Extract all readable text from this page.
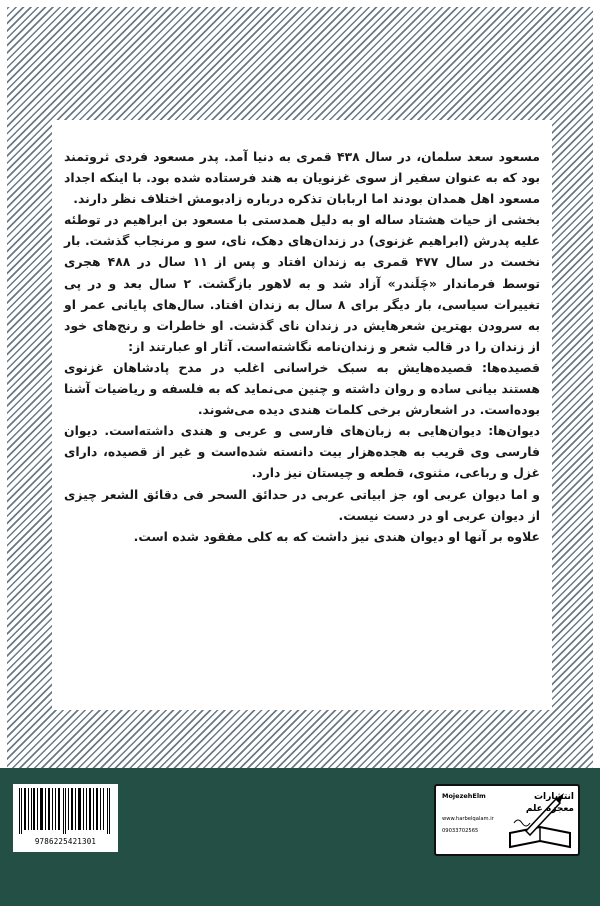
مسعود سعد سلمان، در سال ۴۳۸ قمری به دنیا آمد. پدر مسعود فردی ثروتمند بود که به عنوان سفیر از سوی غزنویان به هند فرستاده شده بود. با اینکه اجداد مسعود اهل همدان بودند اما اربابان تذکره درباره زادبومش اختلاف نظر دارند.

بخشی از حیات هشتاد ساله او به دلیل همدستی با مسعود بن ابراهیم در توطئه علیه پدرش (ابراهیم غزنوی) در زندان‌های دهک، نای، سو و مرنجاب گذشت. بار نخست در سال ۴۷۷ قمری به زندان افتاد و پس از ۱۱ سال در ۴۸۸ هجری توسط فرماندار «چَلَندر» آزاد شد و به لاهور بازگشت. ۲ سال بعد و در پی تغییرات سیاسی، بار دیگر برای ۸ سال به زندان افتاد. سال‌های پایانی عمر او به سرودن بهترین شعرهایش در زندان نای گذشت. او خاطرات و رنج‌های خود از زندان را در قالب شعر و زندان‌نامه نگاشته‌است. آثار او عبارتند از:

قصیده‌ها: قصیده‌هایش به سبک خراسانی اغلب در مدح پادشاهان غزنوی هستند بیانی ساده و روان داشته و چنین می‌نماید که به فلسفه و ریاضیات آشنا بوده‌است. در اشعارش برخی کلمات هندی دیده می‌شوند.

دیوان‌ها: دیوان‌هایی به زبان‌های فارسی و عربی و هندی داشته‌است. دیوان فارسی وی قریب به هجده‌هزار بیت دانسته شده‌است و غیر از قصیده، دارای غزل و رباعی، مثنوی، قطعه و چیستان نیز دارد.

و اما دیوان عربی او، جز ابیاتی عربی در حدائق السحر فی دقائق الشعر چیزی از دیوان عربی او در دست نیست.

علاوه بر آنها او دیوان هندی نیز داشت که به کلی مفقود شده است.

9786225421301
MojezehElm
www.harbelqalam.ir
09033702565
انتشارات
معجزه علم
